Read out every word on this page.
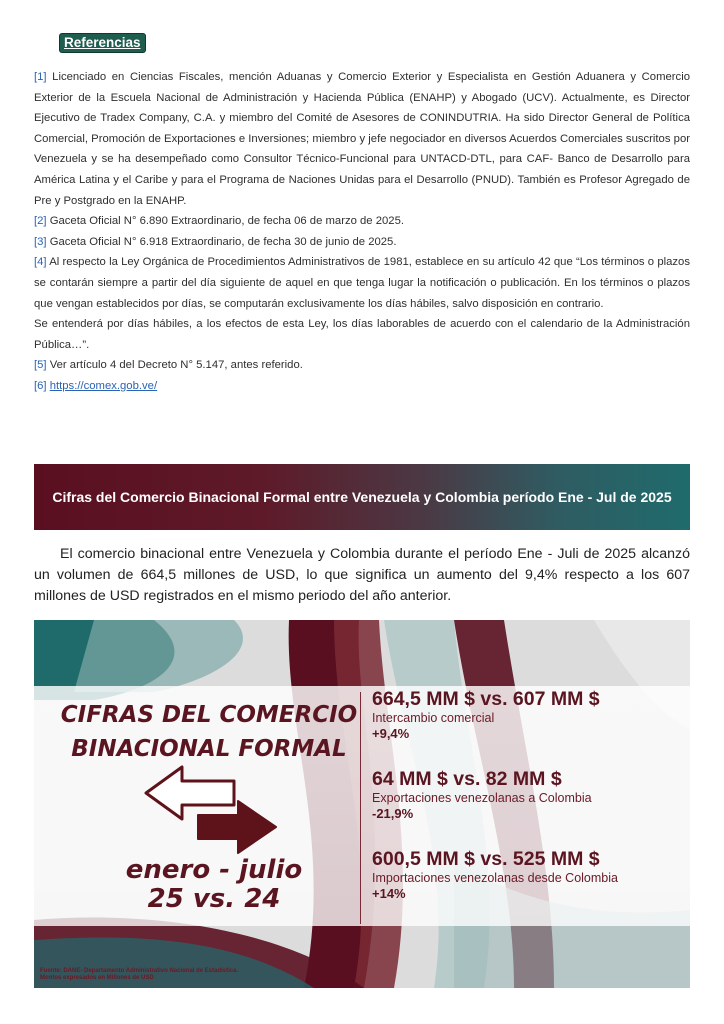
Referencias

[1] Licenciado en Ciencias Fiscales, mención Aduanas y Comercio Exterior y Especialista en Gestión Aduanera y Comercio Exterior de la Escuela Nacional de Administración y Hacienda Pública (ENAHP) y Abogado (UCV). Actualmente, es Director Ejecutivo de Tradex Company, C.A. y miembro del Comité de Asesores de CONINDUTRIA. Ha sido Director General de Política Comercial, Promoción de Exportaciones e Inversiones; miembro y jefe negociador en diversos Acuerdos Comerciales suscritos por Venezuela y se ha desempeñado como Consultor Técnico-Funcional para UNTACD-DTL, para CAF- Banco de Desarrollo para América Latina y el Caribe y para el Programa de Naciones Unidas para el Desarrollo (PNUD). También es Profesor Agregado de Pre y Postgrado en la ENAHP.

[2] Gaceta Oficial N° 6.890 Extraordinario, de fecha 06 de marzo de 2025.

[3] Gaceta Oficial N° 6.918 Extraordinario, de fecha 30 de junio de 2025.

[4] Al respecto la Ley Orgánica de Procedimientos Administrativos de 1981, establece en su artículo 42 que “Los términos o plazos se contarán siempre a partir del día siguiente de aquel en que tenga lugar la notificación o publicación. En los términos o plazos que vengan establecidos por días, se computarán exclusivamente los días hábiles, salvo disposición en contrario.

Se entenderá por días hábiles, a los efectos de esta Ley, los días laborables de acuerdo con el calendario de la Administración Pública…”.

[5] Ver artículo 4 del Decreto N° 5.147, antes referido.

[6] https://comex.gob.ve/

Cifras del Comercio Binacional Formal entre Venezuela y Colombia período Ene - Jul de 2025

El comercio binacional entre Venezuela y Colombia durante el período Ene - Juli de 2025 alcanzó un volumen de 664,5 millones de USD, lo que significa un aumento del 9,4% respecto a los 607 millones de USD registrados en el mismo periodo del año anterior.

CIFRAS DEL COMERCIO
BINACIONAL FORMAL
enero - julio
25 vs. 24
664,5 MM $ vs. 607 MM $
Intercambio comercial
+9,4%
64 MM $ vs. 82 MM $
Exportaciones venezolanas a Colombia
-21,9%
600,5 MM $ vs. 525 MM $
Importaciones venezolanas desde Colombia
+14%
Fuente: DANE- Departamento Administrativo Nacional de Estadística.
Montos expresados en Millones de USD
